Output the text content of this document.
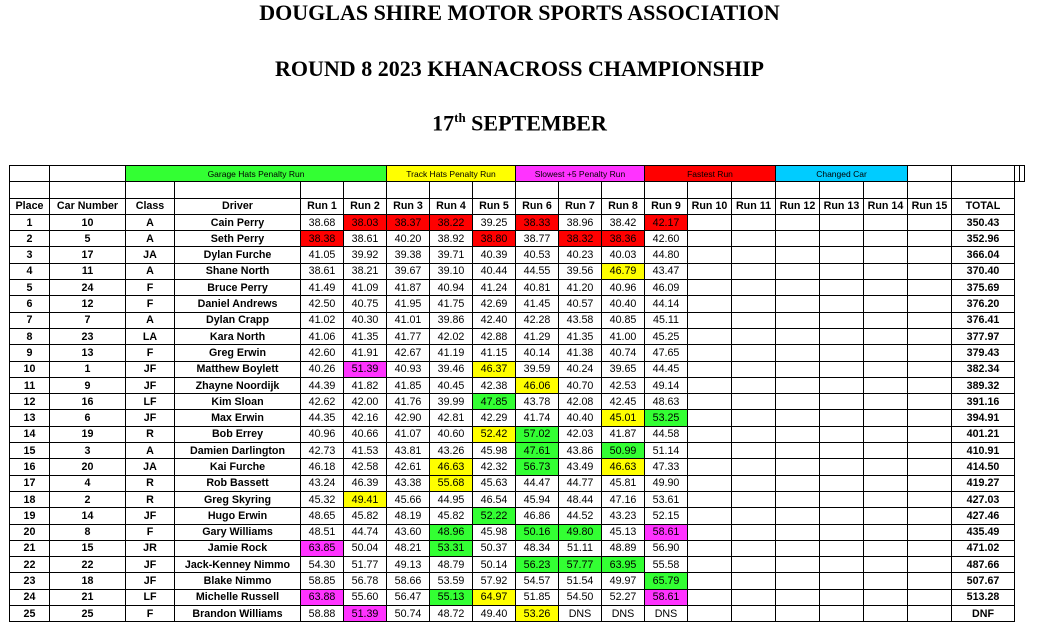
DOUGLAS SHIRE MOTOR SPORTS ASSOCIATION
ROUND 8 2023 KHANACROSS CHAMPIONSHIP
17th SEPTEMBER
		Garage Hats Penalty Run				Track Hats Penalty Run			Slowest +5 Penalty Run			Fastest Run			Changed Car						

Place	Car Number	Class	Driver	Run 1	Run 2	Run 3	Run 4	Run 5	Run 6	Run 7	Run 8	Run 9	Run 10	Run 11	Run 12	Run 13	Run 14	Run 15	TOTAL		
1	10	A	Cain Perry	38.68	38.03	38.37	38.22	39.25	38.33	38.96	38.42	42.17							350.43		
2	5	A	Seth Perry	38.38	38.61	40.20	38.92	38.80	38.77	38.32	38.36	42.60							352.96		
3	17	JA	Dylan Furche	41.05	39.92	39.38	39.71	40.39	40.53	40.23	40.03	44.80							366.04		
4	11	A	Shane North	38.61	38.21	39.67	39.10	40.44	44.55	39.56	46.79	43.47							370.40		
5	24	F	Bruce Perry	41.49	41.09	41.87	40.94	41.24	40.81	41.20	40.96	46.09							375.69		
6	12	F	Daniel Andrews	42.50	40.75	41.95	41.75	42.69	41.45	40.57	40.40	44.14							376.20		
7	7	A	Dylan Crapp	41.02	40.30	41.01	39.86	42.40	42.28	43.58	40.85	45.11							376.41		
8	23	LA	Kara North	41.06	41.35	41.77	42.02	42.88	41.29	41.35	41.00	45.25							377.97		
9	13	F	Greg Erwin	42.60	41.91	42.67	41.19	41.15	40.14	41.38	40.74	47.65							379.43		
10	1	JF	Matthew Boylett	40.26	51.39	40.93	39.46	46.37	39.59	40.24	39.65	44.45							382.34		
11	9	JF	Zhayne Noordijk	44.39	41.82	41.85	40.45	42.38	46.06	40.70	42.53	49.14							389.32		
12	16	LF	Kim Sloan	42.62	42.00	41.76	39.99	47.85	43.78	42.08	42.45	48.63							391.16		
13	6	JF	Max Erwin	44.35	42.16	42.90	42.81	42.29	41.74	40.40	45.01	53.25							394.91		
14	19	R	Bob Errey	40.96	40.66	41.07	40.60	52.42	57.02	42.03	41.87	44.58							401.21		
15	3	A	Damien Darlington	42.73	41.53	43.81	43.26	45.98	47.61	43.86	50.99	51.14							410.91		
16	20	JA	Kai Furche	46.18	42.58	42.61	46.63	42.32	56.73	43.49	46.63	47.33							414.50		
17	4	R	Rob Bassett	43.24	46.39	43.38	55.68	45.63	44.47	44.77	45.81	49.90							419.27		
18	2	R	Greg Skyring	45.32	49.41	45.66	44.95	46.54	45.94	48.44	47.16	53.61							427.03		
19	14	JF	Hugo Erwin	48.65	45.82	48.19	45.82	52.22	46.86	44.52	43.23	52.15							427.46		
20	8	F	Gary Williams	48.51	44.74	43.60	48.96	45.98	50.16	49.80	45.13	58.61							435.49		
21	15	JR	Jamie Rock	63.85	50.04	48.21	53.31	50.37	48.34	51.11	48.89	56.90							471.02		
22	22	JF	Jack-Kenney Nimmo	54.30	51.77	49.13	48.79	50.14	56.23	57.77	63.95	55.58							487.66		
23	18	JF	Blake Nimmo	58.85	56.78	58.66	53.59	57.92	54.57	51.54	49.97	65.79							507.67		
24	21	LF	Michelle Russell	63.88	55.60	56.47	55.13	64.97	51.85	54.50	52.27	58.61							513.28		
25	25	F	Brandon Williams	58.88	51.39	50.74	48.72	49.40	53.26	DNS	DNS	DNS							DNF		
